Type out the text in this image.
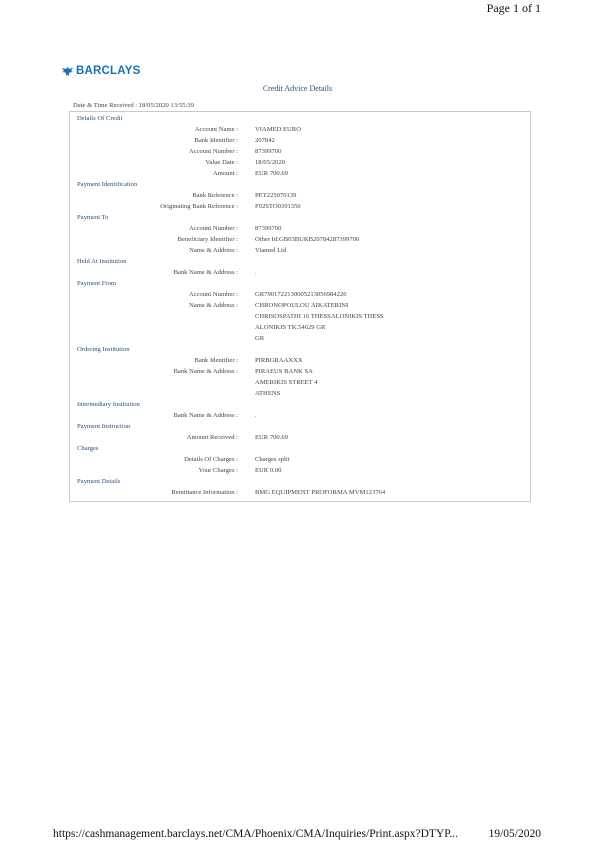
Page 1 of 1
BARCLAYS
Credit Advice Details
Date & Time Received : 18/05/2020 13:55:39
Details Of Credit
Account Name :	VIAMED EURO
Bank Identifier :	207842
Account Number :	87399700
Value Date :	18/05/2020
Amount :	EUR 700.69
Payment Identification
Bank Reference :	PET225070139
Originating Bank Reference :	F92STO0391350
Payment To
Account Number :	87399700
Beneficiary Identifier :	Other Id:GB03BUKB20784287399700
Name & Address :	Viamed Ltd
Held At Institution
Bank Name & Address :	.
Payment From
Account Number :	GR7901722130005213056984226
Name & Address :	CHRONOPOULOU AIKATERINI
CHRISOSPATHI 16 THESSALONIKIS THESS
ALONIKIS TK.54629 GR
GR
Ordering Institution
Bank Identifier :	PIRBGRAAXXX
Bank Name & Address :	PIRAEUS BANK SA
AMERIKIS STREET 4
ATHENS
Intermediary Institution
Bank Name & Address :	.
Payment Instruction
Amount Received :	EUR 700.69
Charges
Details Of Charges :	Charges split
Your Charges :	EUR 0.00
Payment Details
Remittance Information :	BMG EQUIPMENT PROFORMA MVM123764
https://cashmanagement.barclays.net/CMA/Phoenix/CMA/Inquiries/Print.aspx?DTYP...	19/05/2020
